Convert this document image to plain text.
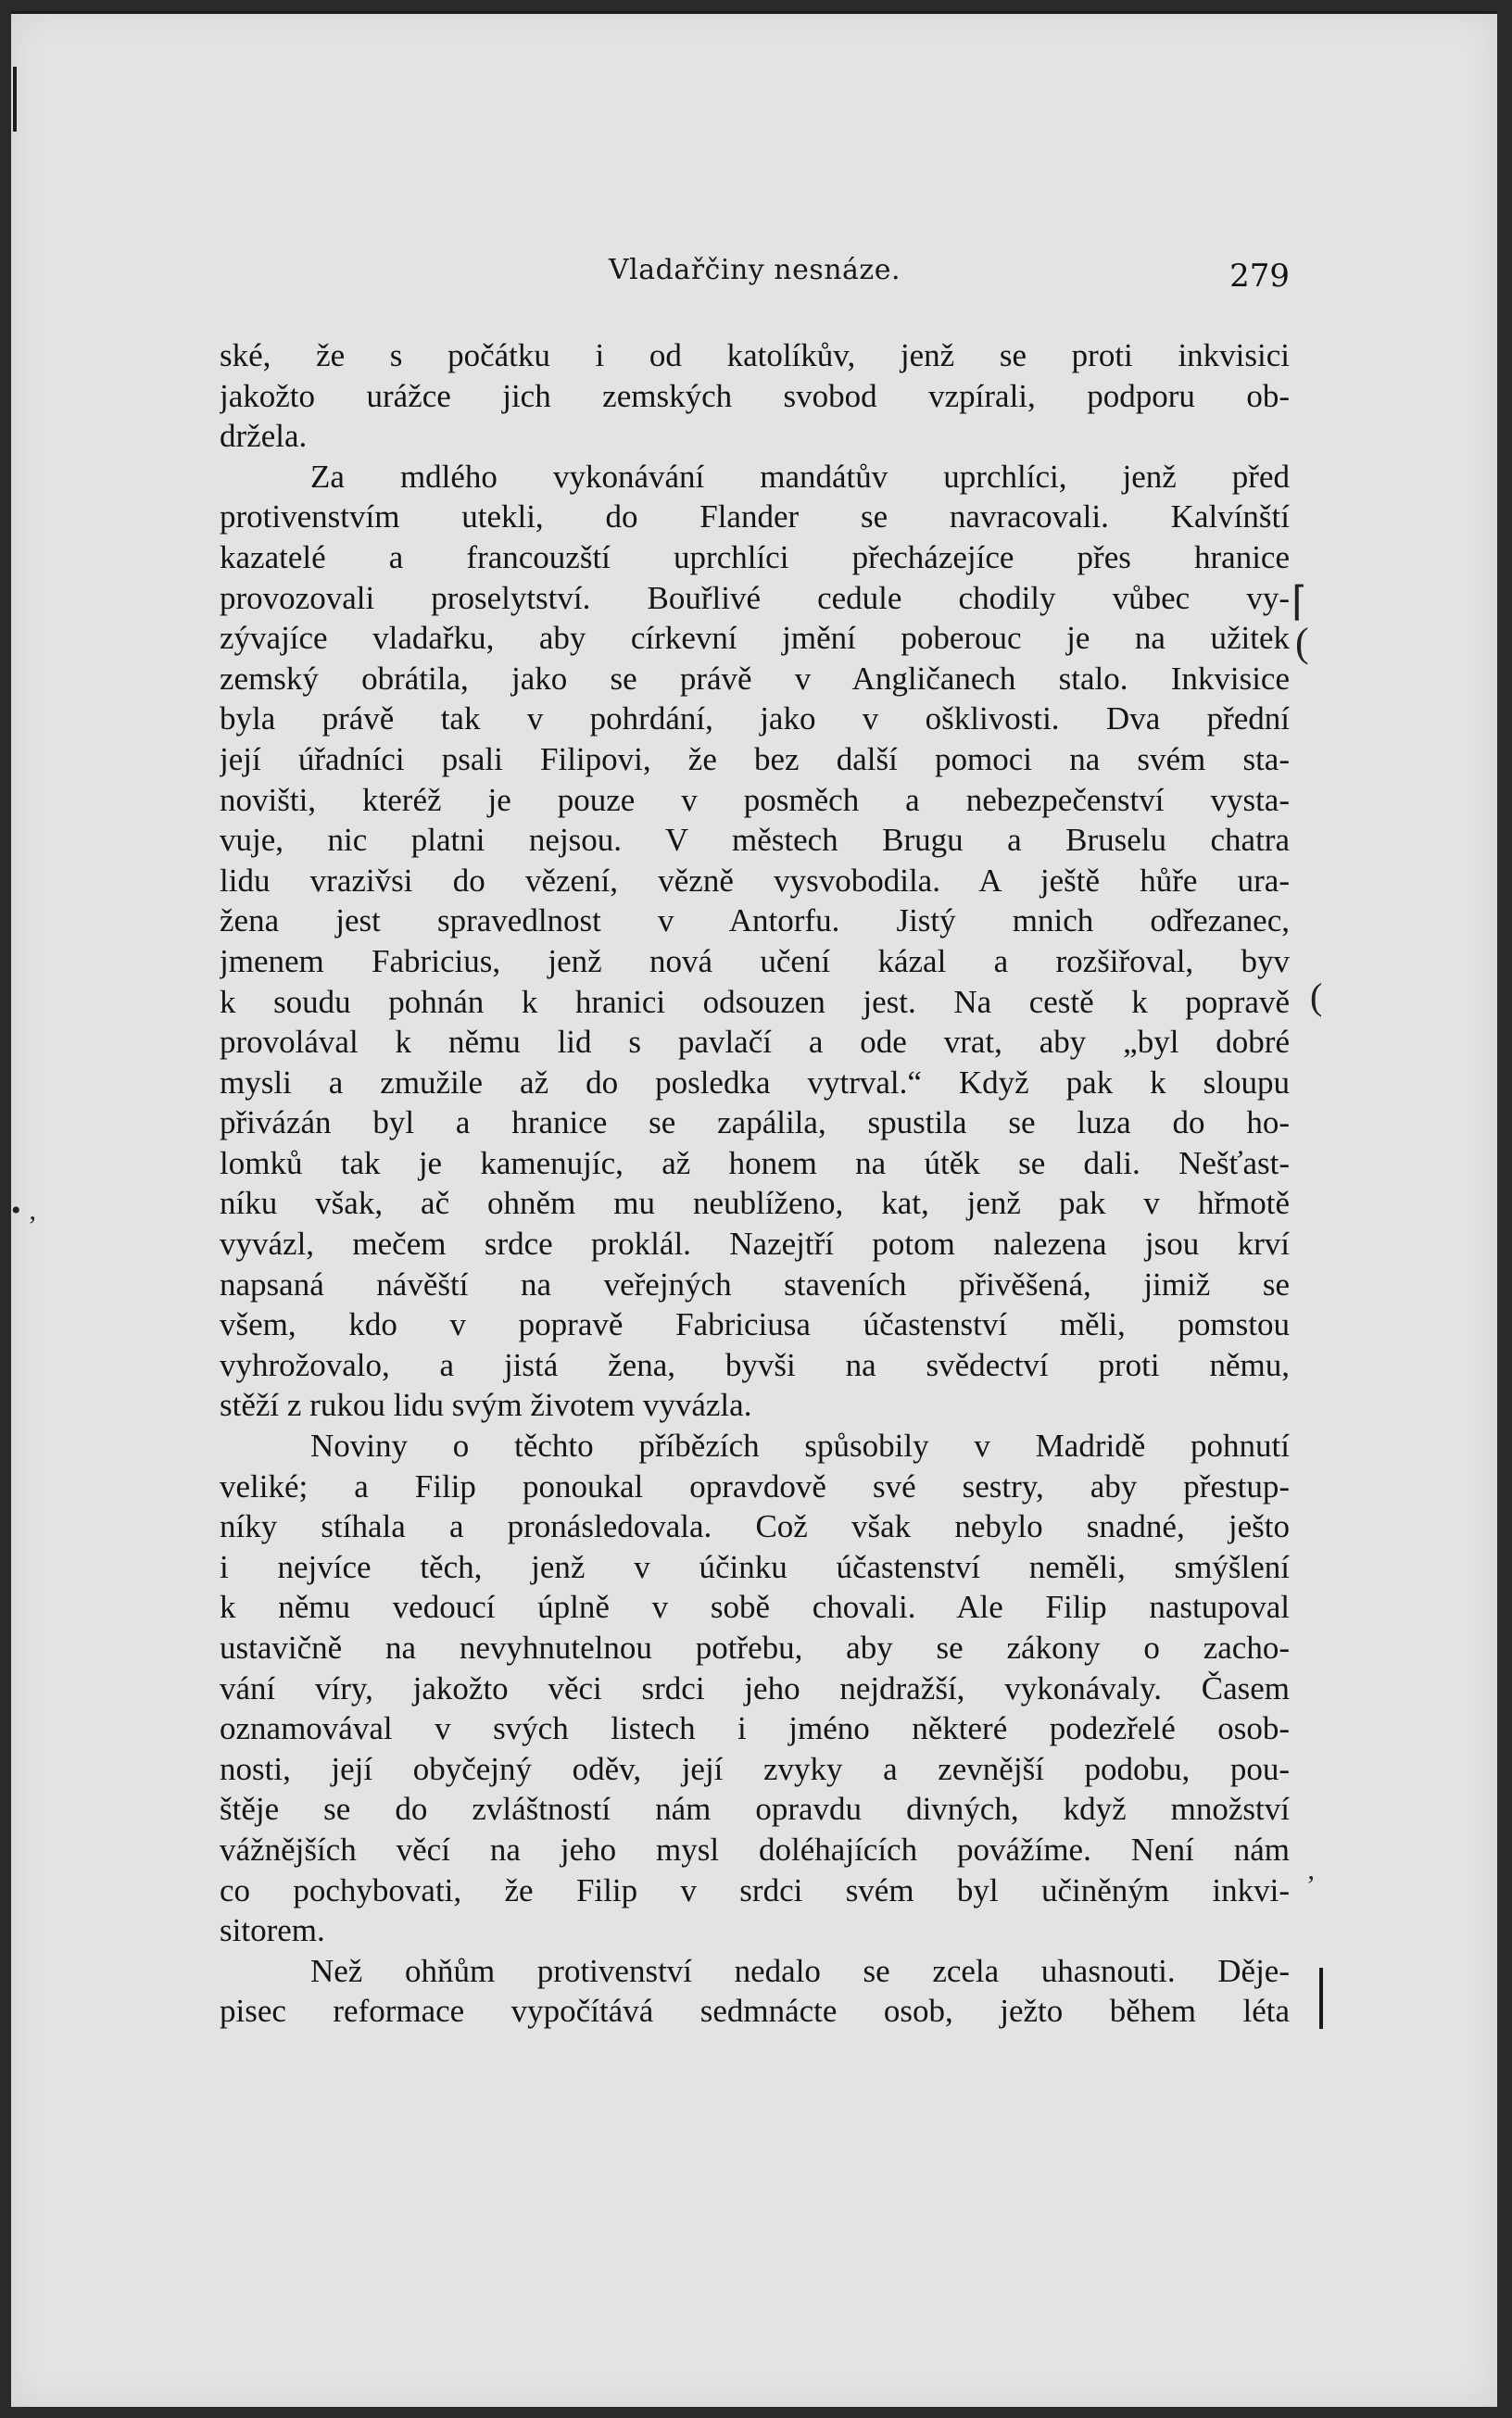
Vladařčiny nesnáze.	279
ské, že s počátku i od katolíkův, jenž se proti inkvisici
jakožto urážce jich zemských svobod vzpírali, podporu ob-
držela.
Za mdlého vykonávání mandátův uprchlíci, jenž před
protivenstvím utekli, do Flander se navracovali. Kalvínští
kazatelé a francouzští uprchlíci přecházejíce přes hranice
provozovali proselytství. Bouřlivé cedule chodily vůbec vy-
zývajíce vladařku, aby církevní jmění poberouc je na užitek
zemský obrátila, jako se právě v Angličanech stalo. Inkvisice
byla právě tak v pohrdání, jako v ošklivosti. Dva přední
její úřadníci psali Filipovi, že bez další pomoci na svém sta-
novišti, kteréž je pouze v posměch a nebezpečenství vysta-
vuje, nic platni nejsou. V městech Brugu a Bruselu chatra
lidu vraziv̌si do vězení, vězně vysvobodila. A ještě hůře ura-
žena jest spravedlnost v Antorfu. Jistý mnich odřezanec,
jmenem Fabricius, jenž nová učení kázal a rozšiřoval, byv
k soudu pohnán k hranici odsouzen jest. Na cestě k popravě
provolával k němu lid s pavlačí a ode vrat, aby „byl dobré
mysli a zmužile až do posledka vytrval.“ Když pak k sloupu
přivázán byl a hranice se zapálila, spustila se luza do ho-
lomků tak je kamenujíc, až honem na útěk se dali. Nešťast-
níku však, ač ohněm mu neublíženo, kat, jenž pak v hřmotě
vyvázl, mečem srdce proklál. Nazejtří potom nalezena jsou krví
napsaná návěští na veřejných staveních přivěšená, jimiž se
všem, kdo v popravě Fabriciusa účastenství měli, pomstou
vyhrožovalo, a jistá žena, byvši na svědectví proti němu,
stěží z rukou lidu svým životem vyvázla.
Noviny o těchto příbězích spůsobily v Madridě pohnutí
veliké; a Filip ponoukal opravdově své sestry, aby přestup-
níky stíhala a pronásledovala. Což však nebylo snadné, ješto
i nejvíce těch, jenž v účinku účastenství neměli, smýšlení
k němu vedoucí úplně v sobě chovali. Ale Filip nastupoval
ustavičně na nevyhnutelnou potřebu, aby se zákony o zacho-
vání víry, jakožto věci srdci jeho nejdražší, vykonávaly. Časem
oznamovával v svých listech i jméno některé podezřelé osob-
nosti, její obyčejný oděv, její zvyky a zevnější podobu, pou-
štěje se do zvláštností nám opravdu divných, když množství
vážnějších věcí na jeho mysl doléhajících povážíme. Není nám
co pochybovati, že Filip v srdci svém byl učiněným inkvi-
sitorem.
Než ohňům protivenství nedalo se zcela uhasnouti. Děje-
pisec reformace vypočítává sedmnácte osob, ježto během léta
⌈
(
(
‚
• ‚
